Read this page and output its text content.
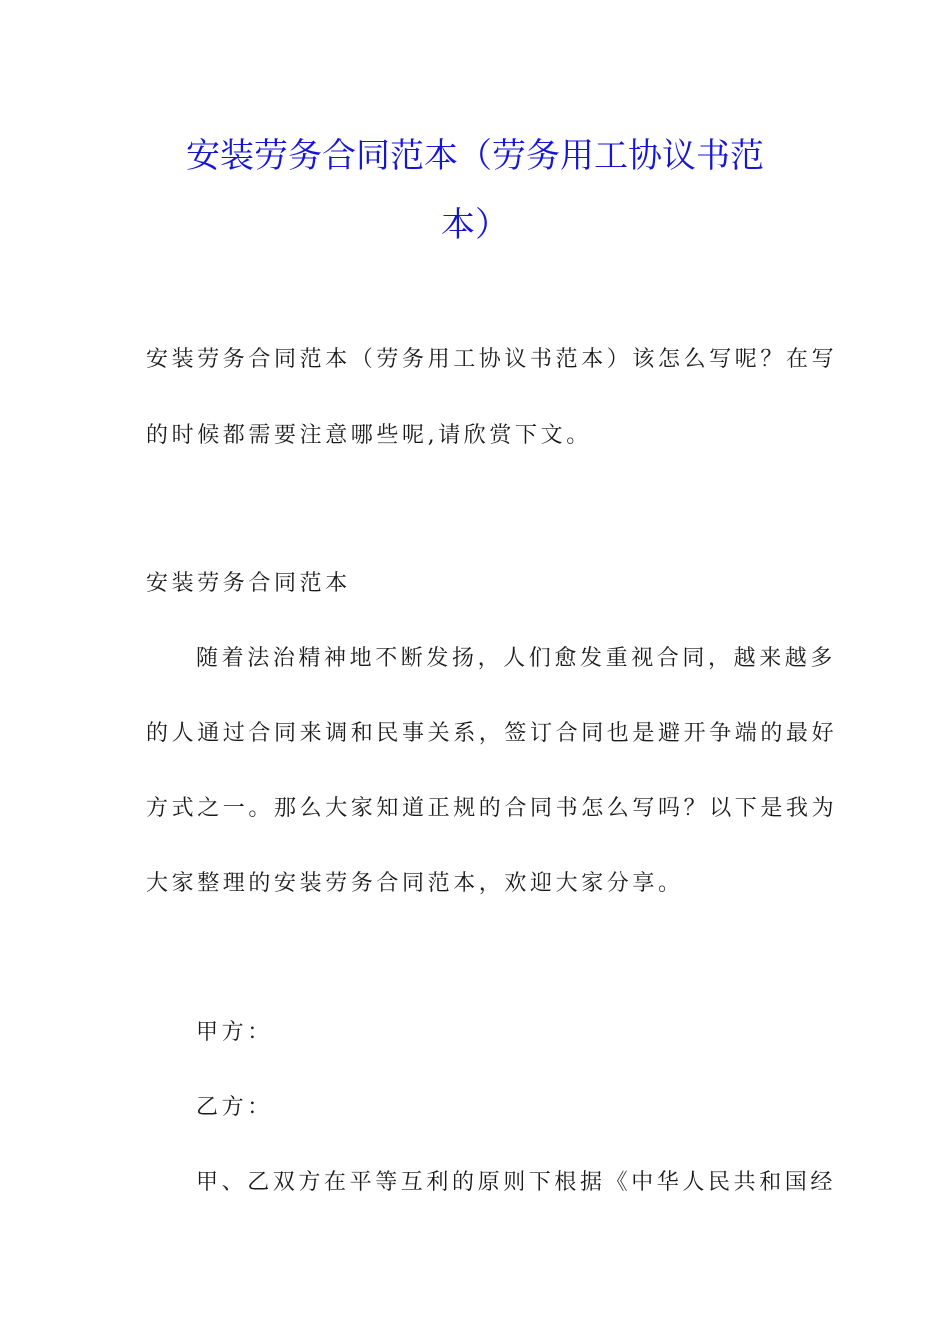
安装劳务合同范本（劳务用工协议书范
本）
安装劳务合同范本（劳务用工协议书范本）该怎么写呢？在写
的时候都需要注意哪些呢,请欣赏下文。
安装劳务合同范本
随着法治精神地不断发扬，人们愈发重视合同，越来越多
的人通过合同来调和民事关系，签订合同也是避开争端的最好
方式之一。那么大家知道正规的合同书怎么写吗？以下是我为
大家整理的安装劳务合同范本，欢迎大家分享。
甲方：
乙方：
甲、乙双方在平等互利的原则下根据《中华人民共和国经
